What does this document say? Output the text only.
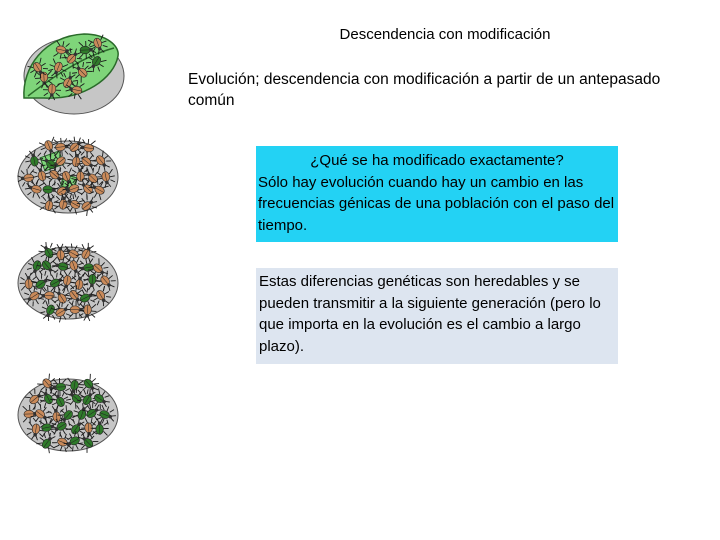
Descendencia con modificación
Evolución; descendencia con modificación a partir de un antepasado común
¿Qué se ha modificado exactamente?
Sólo hay evolución cuando hay un cambio en las frecuencias génicas de una población con el paso del tiempo.
Estas diferencias genéticas son heredables y se pueden transmitir a la siguiente generación (pero lo que importa en la evolución es el cambio a largo plazo).
